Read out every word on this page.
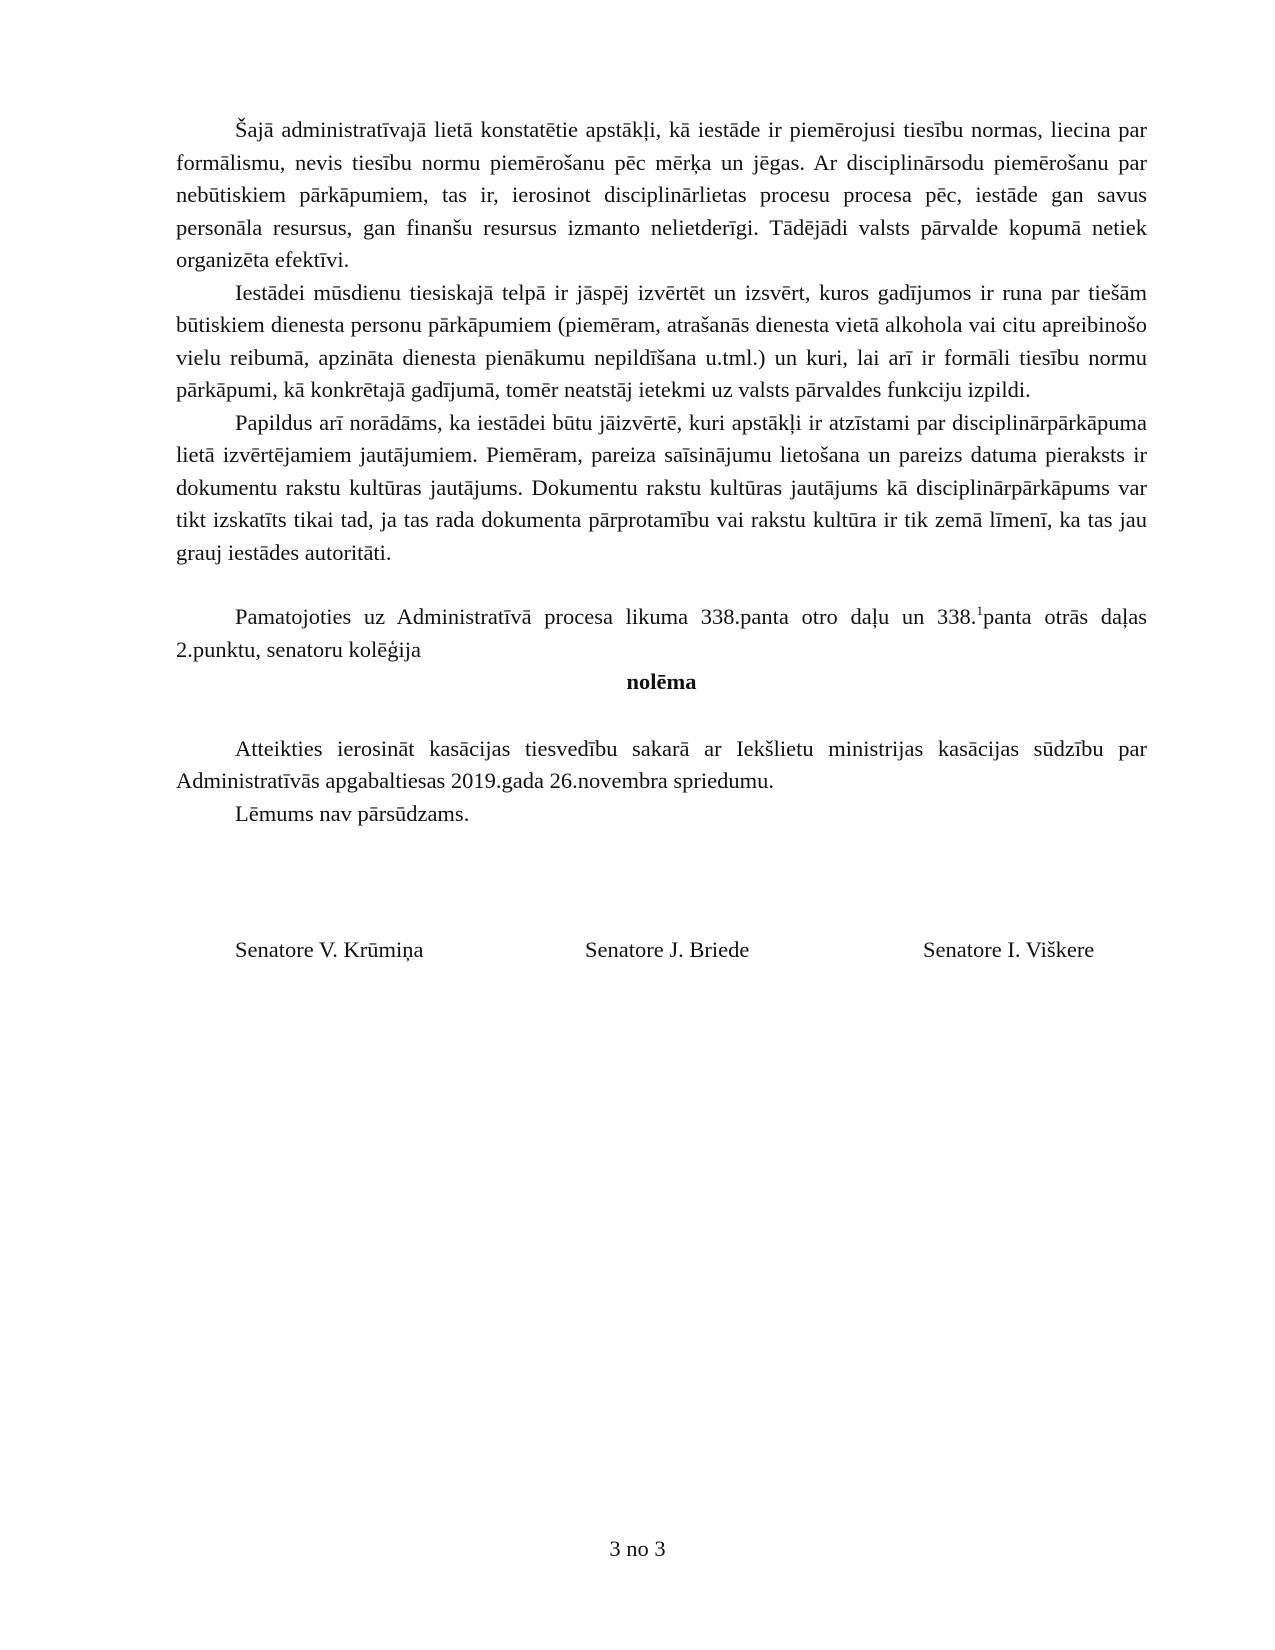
Šajā administratīvajā lietā konstatētie apstākļi, kā iestāde ir piemērojusi tiesību normas, liecina par formālismu, nevis tiesību normu piemērošanu pēc mērķa un jēgas. Ar disciplinārsodu piemērošanu par nebūtiskiem pārkāpumiem, tas ir, ierosinot disciplinārlietas procesu procesa pēc, iestāde gan savus personāla resursus, gan finanšu resursus izmanto nelietderīgi. Tādējādi valsts pārvalde kopumā netiek organizēta efektīvi.

Iestādei mūsdienu tiesiskajā telpā ir jāspēj izvērtēt un izsvērt, kuros gadījumos ir runa par tiešām būtiskiem dienesta personu pārkāpumiem (piemēram, atrašanās dienesta vietā alkohola vai citu apreibinošo vielu reibumā, apzināta dienesta pienākumu nepildīšana u.tml.) un kuri, lai arī ir formāli tiesību normu pārkāpumi, kā konkrētajā gadījumā, tomēr neatstāj ietekmi uz valsts pārvaldes funkciju izpildi.

Papildus arī norādāms, ka iestādei būtu jāizvērtē, kuri apstākļi ir atzīstami par disciplinārpārkāpuma lietā izvērtējamiem jautājumiem. Piemēram, pareiza saīsinājumu lietošana un pareizs datuma pieraksts ir dokumentu rakstu kultūras jautājums. Dokumentu rakstu kultūras jautājums kā disciplinārpārkāpums var tikt izskatīts tikai tad, ja tas rada dokumenta pārprotamību vai rakstu kultūra ir tik zemā līmenī, ka tas jau grauj iestādes autoritāti.

Pamatojoties uz Administratīvā procesa likuma 338.panta otro daļu un 338.$^1$panta otrās daļas 2.punktu, senatoru kolēģija

nolēma

Atteikties ierosināt kasācijas tiesvedību sakarā ar Iekšlietu ministrijas kasācijas sūdzību par Administratīvās apgabaltiesas 2019.gada 26.novembra spriedumu.

Lēmums nav pārsūdzams.

Senatore V. Krūmiņa	Senatore J. Briede	Senatore I. Viškere
3 no 3
